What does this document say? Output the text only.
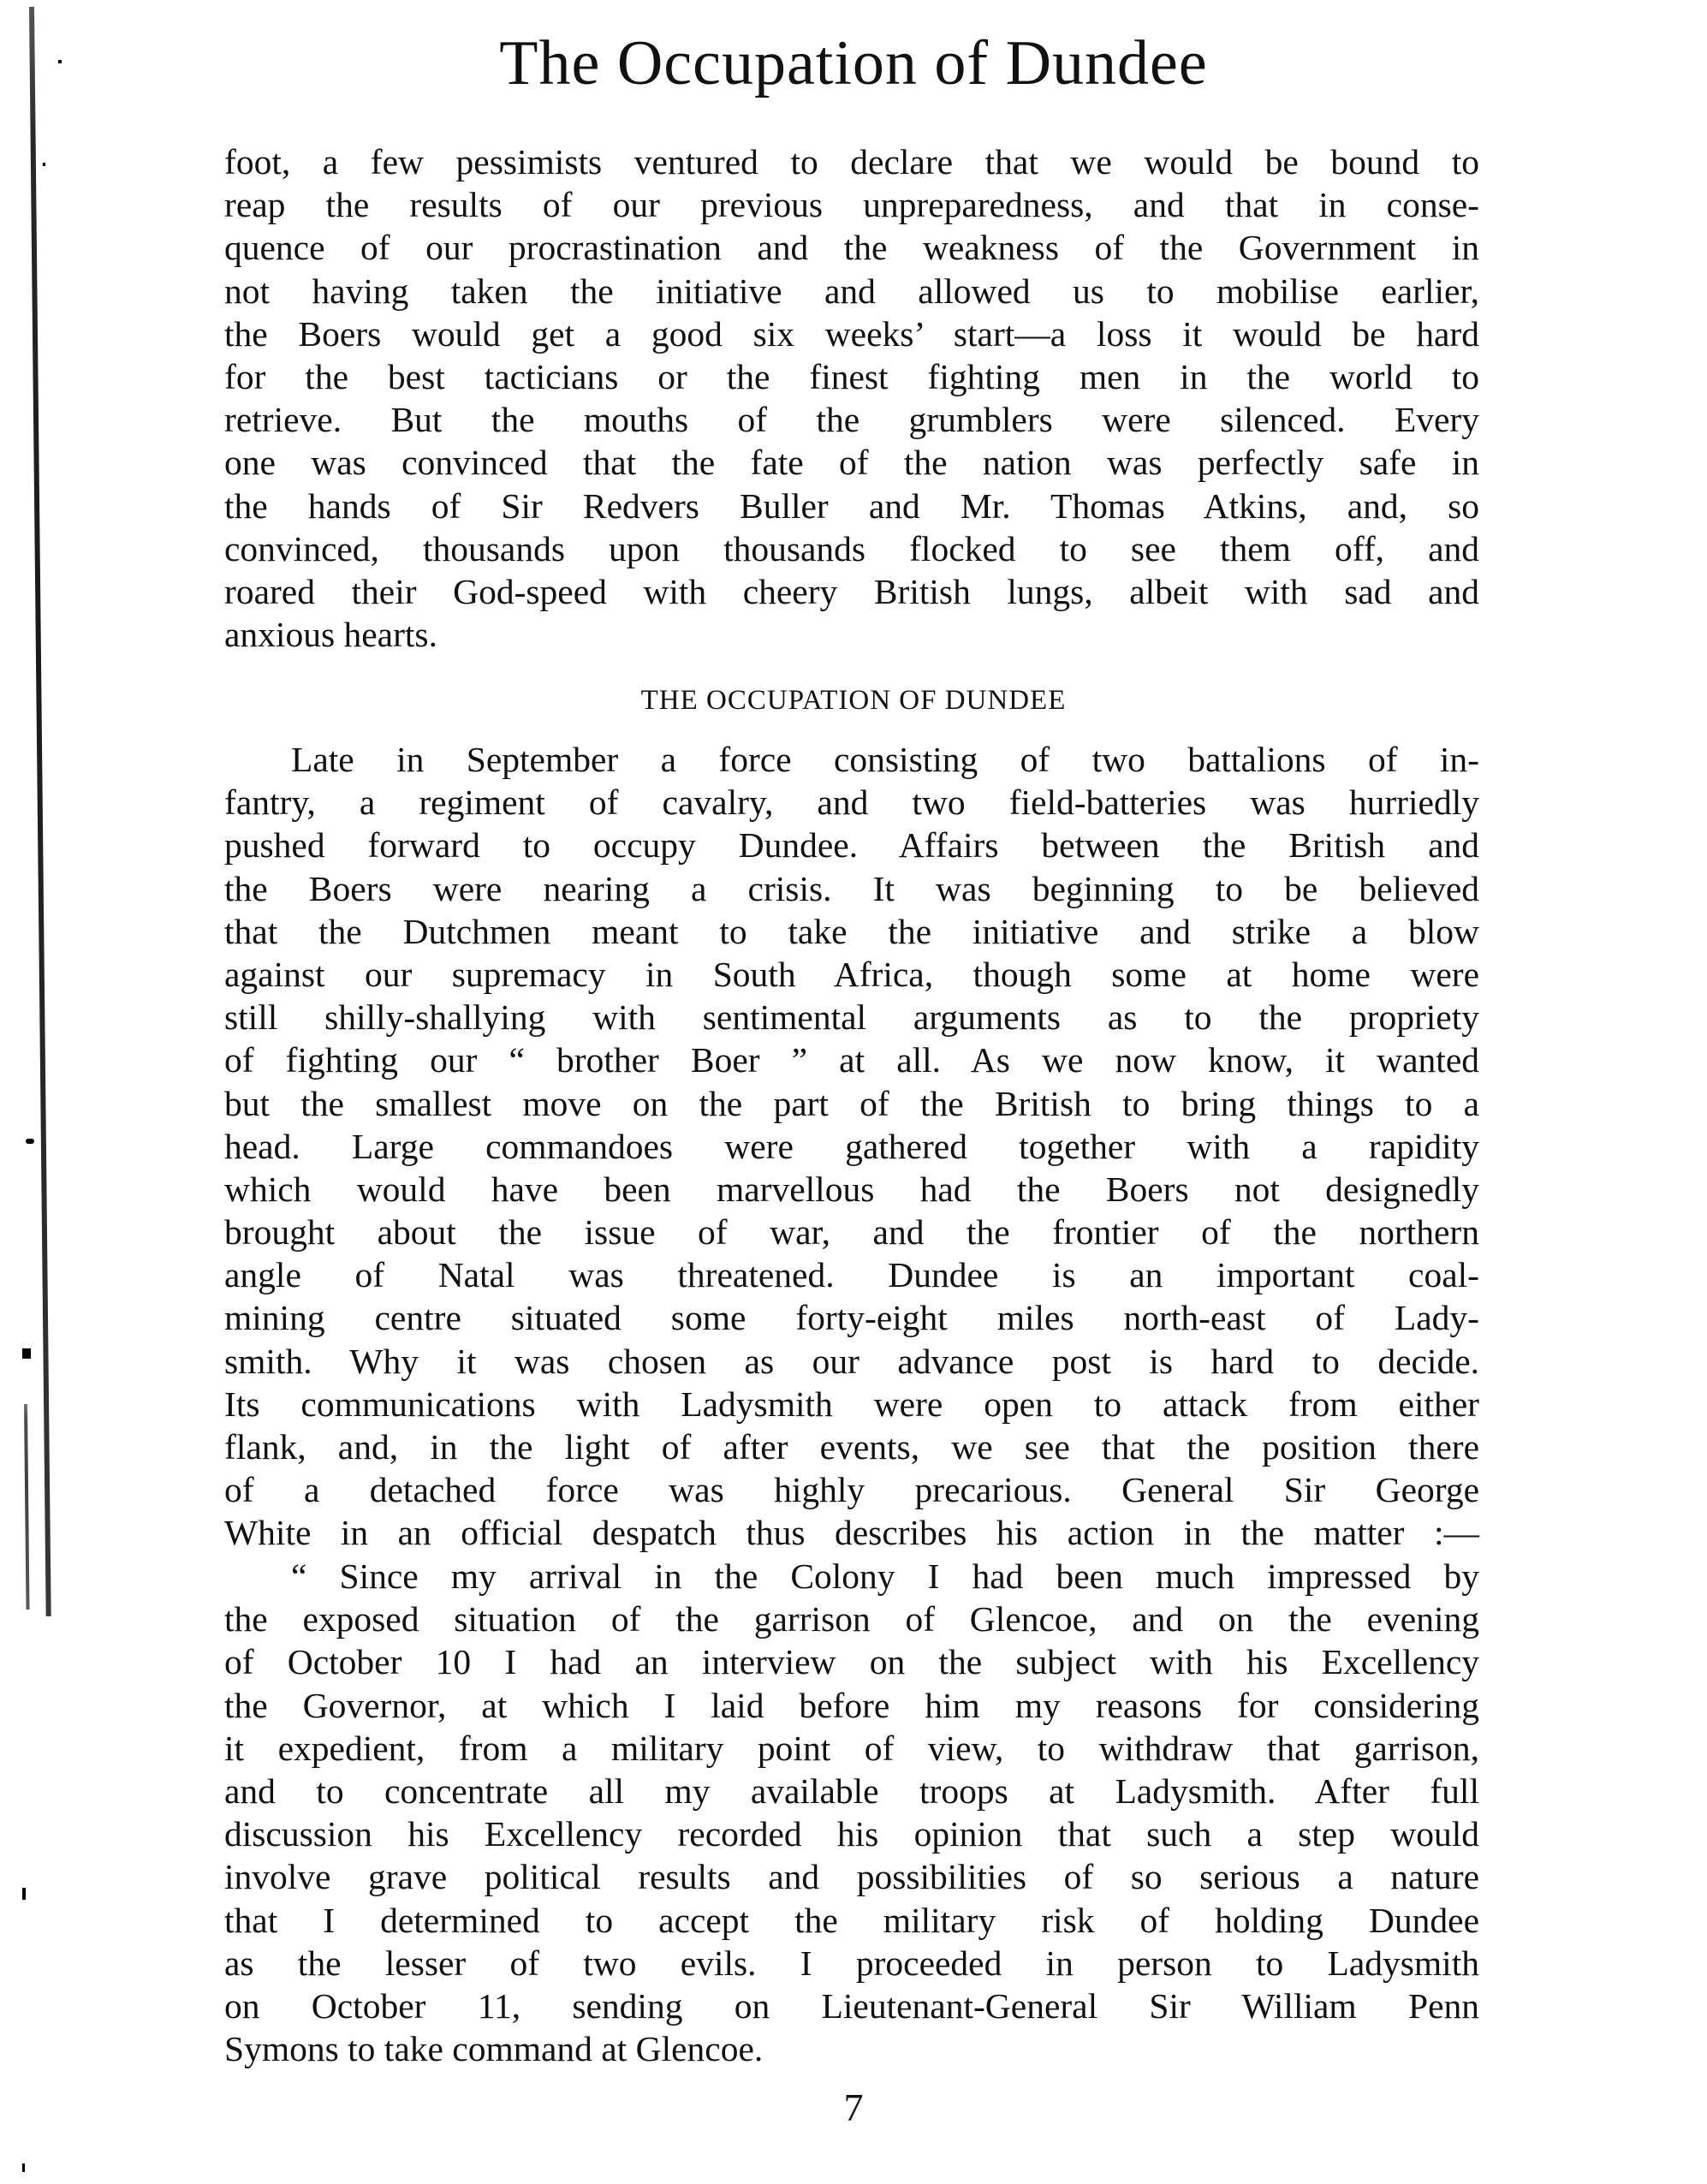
The Occupation of Dundee
foot, a few pessimists ventured to declare that we would be bound to
reap the results of our previous unpreparedness, and that in conse-
quence of our procrastination and the weakness of the Government in
not having taken the initiative and allowed us to mobilise earlier,
the Boers would get a good six weeks’ start—a loss it would be hard
for the best tacticians or the finest fighting men in the world to
retrieve. But the mouths of the grumblers were silenced. Every
one was convinced that the fate of the nation was perfectly safe in
the hands of Sir Redvers Buller and Mr. Thomas Atkins, and, so
convinced, thousands upon thousands flocked to see them off, and
roared their God-speed with cheery British lungs, albeit with sad and
anxious hearts.
THE OCCUPATION OF DUNDEE
Late in September a force consisting of two battalions of in-
fantry, a regiment of cavalry, and two field-batteries was hurriedly
pushed forward to occupy Dundee. Affairs between the British and
the Boers were nearing a crisis. It was beginning to be believed
that the Dutchmen meant to take the initiative and strike a blow
against our supremacy in South Africa, though some at home were
still shilly-shallying with sentimental arguments as to the propriety
of fighting our “ brother Boer ” at all. As we now know, it wanted
but the smallest move on the part of the British to bring things to a
head. Large commandoes were gathered together with a rapidity
which would have been marvellous had the Boers not designedly
brought about the issue of war, and the frontier of the northern
angle of Natal was threatened. Dundee is an important coal-
mining centre situated some forty-eight miles north-east of Lady-
smith. Why it was chosen as our advance post is hard to decide.
Its communications with Ladysmith were open to attack from either
flank, and, in the light of after events, we see that the position there
of a detached force was highly precarious. General Sir George
White in an official despatch thus describes his action in the matter :—
“ Since my arrival in the Colony I had been much impressed by
the exposed situation of the garrison of Glencoe, and on the evening
of October 10 I had an interview on the subject with his Excellency
the Governor, at which I laid before him my reasons for considering
it expedient, from a military point of view, to withdraw that garrison,
and to concentrate all my available troops at Ladysmith. After full
discussion his Excellency recorded his opinion that such a step would
involve grave political results and possibilities of so serious a nature
that I determined to accept the military risk of holding Dundee
as the lesser of two evils. I proceeded in person to Ladysmith
on October 11, sending on Lieutenant-General Sir William Penn
Symons to take command at Glencoe.
7
